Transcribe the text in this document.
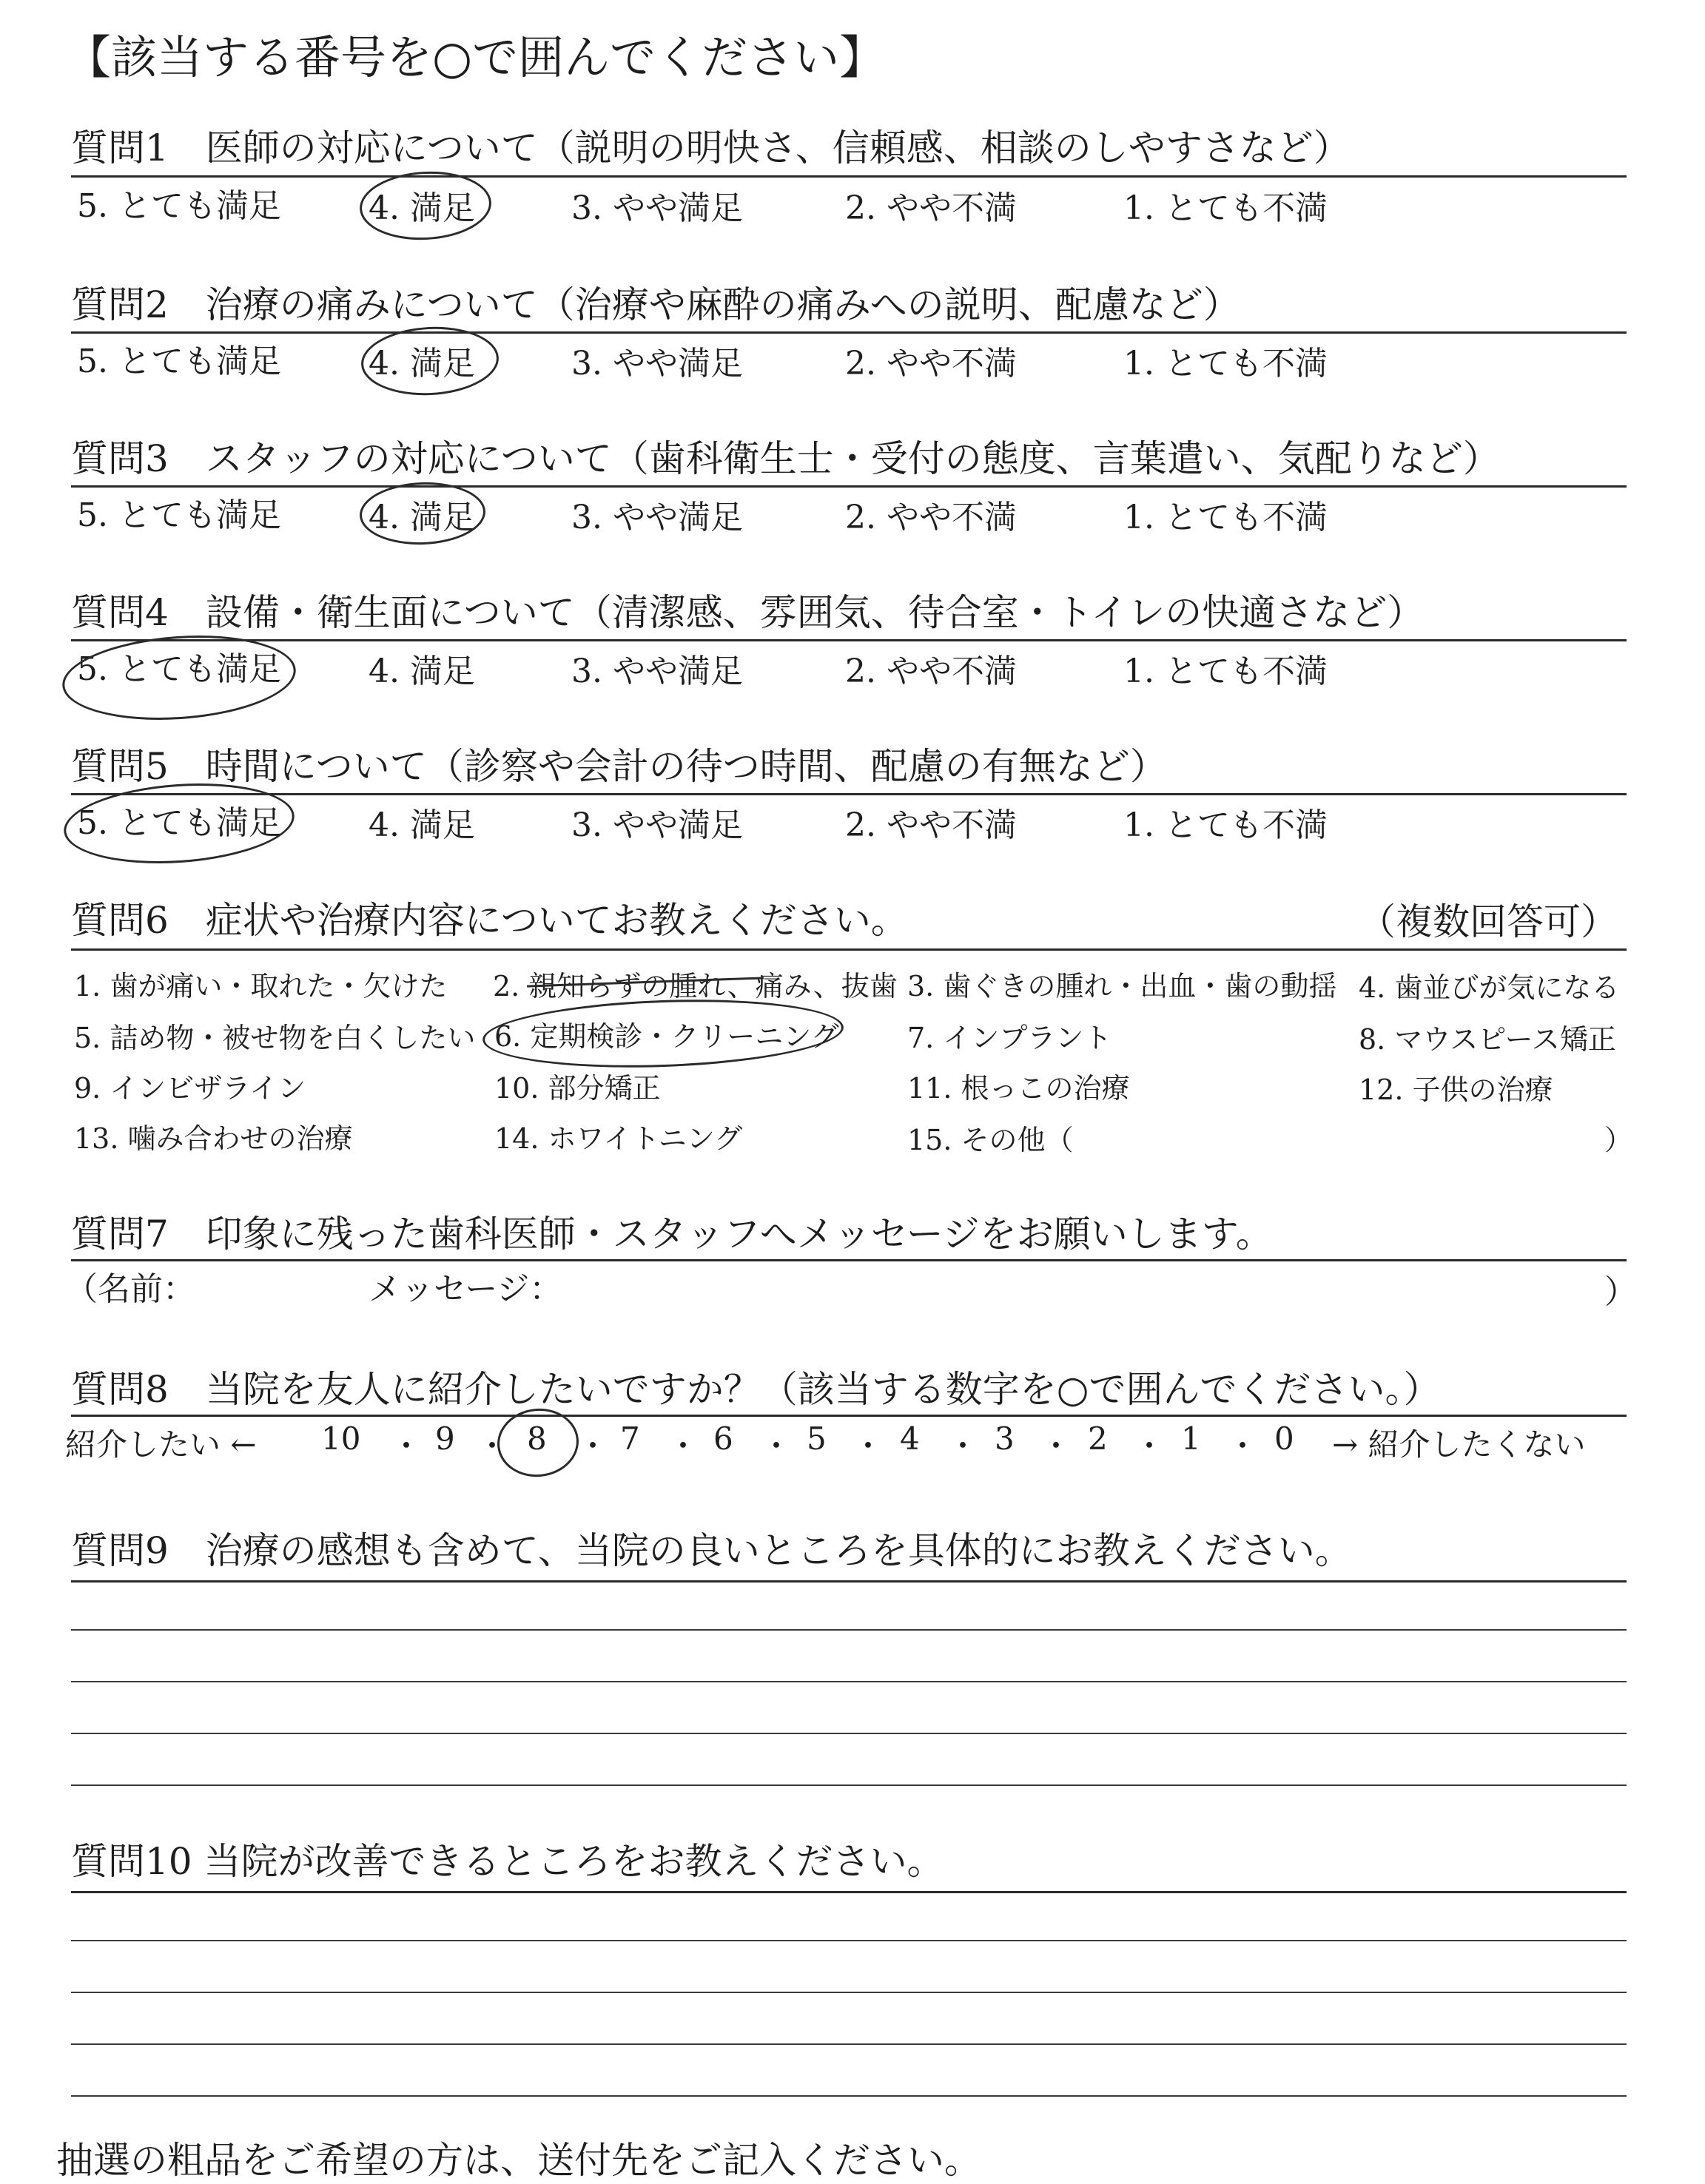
【該当する番号を○で囲んでください】
質問1　医師の対応について（説明の明快さ、信頼感、相談のしやすさなど）
5. とても満足	4. 満足	3. やや満足	2. やや不満	1. とても不満
質問2　治療の痛みについて（治療や麻酔の痛みへの説明、配慮など）
5. とても満足	4. 満足	3. やや満足	2. やや不満	1. とても不満
質問3　スタッフの対応について（歯科衛生士・受付の態度、言葉遣い、気配りなど）
5. とても満足	4. 満足	3. やや満足	2. やや不満	1. とても不満
質問4　設備・衛生面について（清潔感、雰囲気、待合室・トイレの快適さなど）
5. とても満足	4. 満足	3. やや満足	2. やや不満	1. とても不満
質問5　時間について（診察や会計の待つ時間、配慮の有無など）
5. とても満足	4. 満足	3. やや満足	2. やや不満	1. とても不満
質問6　症状や治療内容についてお教えください。	（複数回答可）
1. 歯が痛い・取れた・欠けた 2. 親知らずの腫れ、痛み、抜歯 3. 歯ぐきの腫れ・出血・歯の動揺 4. 歯並びが気になる
5. 詰め物・被せ物を白くしたい 6. 定期検診・クリーニング 7. インプラント	8. マウスピース矯正
9. インビザライン	10. 部分矯正	11. 根っこの治療	12. 子供の治療
13. 噛み合わせの治療	14. ホワイトニング	15. その他（	）
質問7　印象に残った歯科医師・スタッフへメッセージをお願いします。
（名前：	メッセージ：	）
質問8　当院を友人に紹介したいですか？（該当する数字を○で囲んでください。）
紹介したい ← 10 ・ 9 ・ 8 ・ 7 ・ 6 ・ 5 ・ 4 ・ 3 ・ 2 ・ 1 ・ 0 → 紹介したくない
質問9　治療の感想も含めて、当院の良いところを具体的にお教えください。
質問10 当院が改善できるところをお教えください。
抽選の粗品をご希望の方は、送付先をご記入ください。
